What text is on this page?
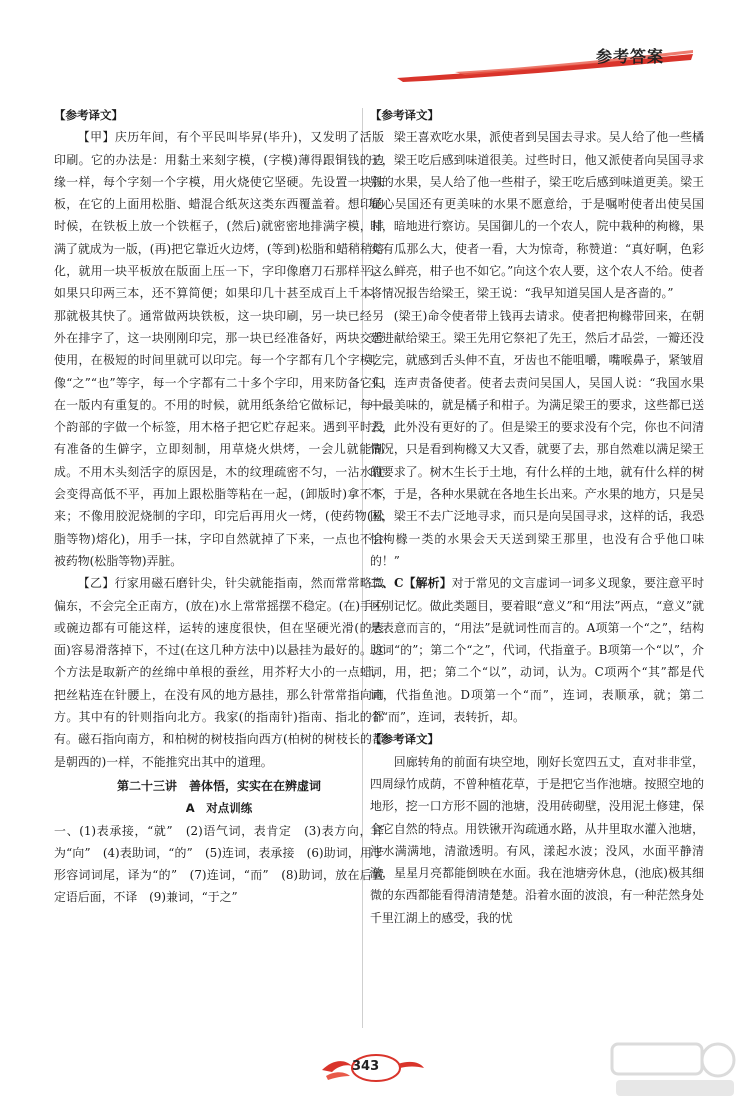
参考答案

【参考译文】

【甲】庆历年间，有个平民叫毕昇(毕升)，又发明了活版印刷。它的办法是：用黏土来刻字模，(字模)薄得跟铜钱的边缘一样，每个字刻一个字模，用火烧使它坚硬。先设置一块铁板，在它的上面用松脂、蜡混合纸灰这类东西覆盖着。想印的时候，在铁板上放一个铁框子，(然后)就密密地排满字模，排满了就成为一版，(再)把它靠近火边烤，(等到)松脂和蜡稍稍熔化，就用一块平板放在版面上压一下，字印像磨刀石那样平。如果只印两三本，还不算简便；如果印几十甚至成百上千本，那就极其快了。通常做两块铁板，这一块印刷，另一块已经另外在排字了，这一块刚刚印完，那一块已经准备好，两块交替使用，在极短的时间里就可以印完。每一个字都有几个字模，像“之”“也”等字，每一个字都有二十多个字印，用来防备它们在一版内有重复的。不用的时候，就用纸条给它做标记，每一个韵部的字做一个标签，用木格子把它贮存起来。遇到平时没有准备的生僻字，立即刻制，用草烧火烘烤，一会儿就能制成。不用木头刻活字的原因是，木的纹理疏密不匀，一沾水就会变得高低不平，再加上跟松脂等粘在一起，(卸版时)拿不下来；不像用胶泥烧制的字印，印完后再用火一烤，(使药物(松脂等物)熔化)，用手一抹，字印自然就掉了下来，一点也不会被药物(松脂等物)弄脏。

【乙】行家用磁石磨针尖，针尖就能指南，然而常常略微偏东，不会完全正南方，(放在)水上常常摇摆不稳定。(在)手中或碗边都有可能这样，运转的速度很快，但在坚硬光滑(的表面)容易滑落掉下，不过(在这几种方法中)以悬挂为最好的。这个方法是取新产的丝绵中单根的蚕丝，用芥籽大小的一点蜡，把丝粘连在针腰上，在没有风的地方悬挂，那么针常常指向南方。其中有的针则指向北方。我家(的指南针)指南、指北的都有。磁石指向南方，和柏树的树枝指向西方(柏树的树枝长的都是朝西的)一样，不能推究出其中的道理。

第二十三讲　善体悟，实实在在辨虚词

A　对点训练

一、(1)表承接，“就”　(2)语气词，表肯定　(3)表方向，译为“向”　(4)表助词，“的”　(5)连词，表承接　(6)助词，用于形容词词尾，译为“的”　(7)连词，“而”　(8)助词，放在后置定语后面，不译　(9)兼词，“于之”

【参考译文】

梁王喜欢吃水果，派使者到吴国去寻求。吴人给了他一些橘子，梁王吃后感到味道很美。过些时日，他又派使者向吴国寻求别的水果，吴人给了他一些柑子，梁王吃后感到味道更美。梁王疑心吴国还有更美味的水果不愿意给，于是嘱咐使者出使吴国时，暗地进行察访。吴国御儿的一个农人，院中栽种的枸橼，果实有瓜那么大，使者一看，大为惊奇，称赞道：“真好啊，色彩这么鲜亮，柑子也不如它。”向这个农人要，这个农人不给。使者将情况报告给梁王，梁王说：“我早知道吴国人是吝啬的。”

(梁王)命令使者带上钱再去请求。使者把枸橼带回来，在朝廷进献给梁王。梁王先用它祭祀了先王，然后才品尝，一瓣还没吃完，就感到舌头伸不直，牙齿也不能咀嚼，嘴喉鼻子，紧皱眉头，连声责备使者。使者去责问吴国人，吴国人说：“我国水果中最美味的，就是橘子和柑子。为满足梁王的要求，这些都已送去，此外没有更好的了。但是梁王的要求没有个完，你也不问清情况，只是看到枸橼又大又香，就要了去，那自然难以满足梁王的要求了。树木生长于土地，有什么样的土地，就有什么样的树木，于是，各种水果就在各地生长出来。产水果的地方，只是吴国，梁王不去广泛地寻求，而只是向吴国寻求，这样的话，我恐怕枸橼一类的水果会天天送到梁王那里，也没有合乎他口味的！”

二、C【解析】对于常见的文言虚词一词多义现象，要注意平时区别记忆。做此类题目，要着眼“意义”和“用法”两点，“意义”就是表意而言的，“用法”是就词性而言的。A项第一个“之”，结构助词“的”；第二个“之”，代词，代指童子。B项第一个“以”，介词，用，把；第二个“以”，动词，认为。C项两个“其”都是代词，代指鱼池。D项第一个“而”，连词，表顺承，就；第二个“而”，连词，表转折，却。

【参考译文】

回廊转角的前面有块空地，刚好长宽四五丈，直对非非堂，四周绿竹成荫，不曾种植花草，于是把它当作池塘。按照空地的地形，挖一口方形不圆的池塘，没用砖砌壁，没用泥土修建，保全它自然的特点。用铁锹开沟疏通水路，从井里取水灌入池塘，池水满满地，清澈透明。有风，漾起水波；没风，水面平静清澈，星星月亮都能倒映在水面。我在池塘旁休息，(池底)极其细微的东西都能看得清清楚楚。沿着水面的波浪，有一种茫然身处千里江湖上的感受，我的忧

343
